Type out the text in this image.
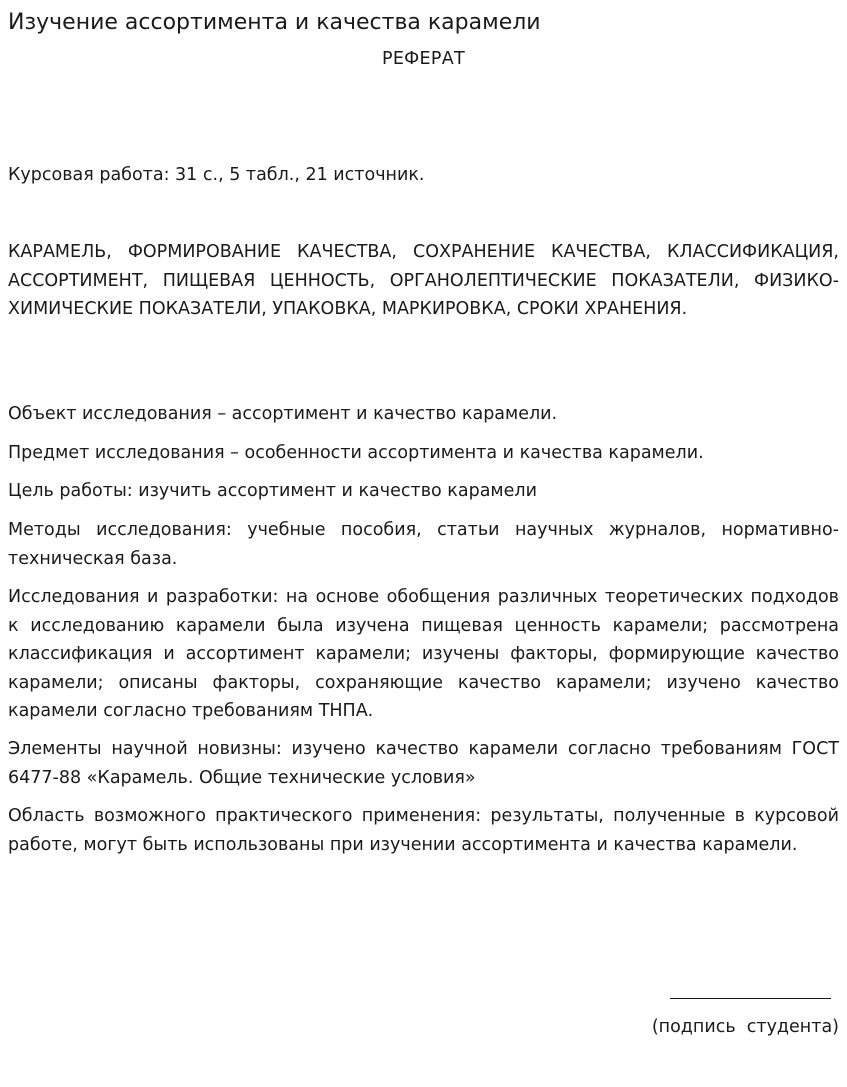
Изучение ассортимента и качества карамели
РЕФЕРАТ

Курсовая работа: 31 с., 5 табл., 21 источник.

КАРАМЕЛЬ, ФОРМИРОВАНИЕ КАЧЕСТВА, СОХРАНЕНИЕ КАЧЕСТВА, КЛАССИФИКАЦИЯ, АССОРТИМЕНТ, ПИЩЕВАЯ ЦЕННОСТЬ, ОРГАНОЛЕПТИЧЕСКИЕ ПОКАЗАТЕЛИ, ФИЗИКО-ХИМИЧЕСКИЕ ПОКАЗАТЕЛИ, УПАКОВКА, МАРКИРОВКА, СРОКИ ХРАНЕНИЯ.

Объект исследования – ассортимент и качество карамели.

Предмет исследования – особенности ассортимента и качества карамели.

Цель работы: изучить ассортимент и качество карамели

Методы исследования: учебные пособия, статьи научных журналов, нормативно-техническая база.

Исследования и разработки: на основе обобщения различных теоретических подходов к исследованию карамели была изучена пищевая ценность карамели; рассмотрена классификация и ассортимент карамели; изучены факторы, формирующие качество карамели; описаны факторы, сохраняющие качество карамели; изучено качество карамели согласно требованиям ТНПА.

Элементы научной новизны: изучено качество карамели согласно требованиям ГОСТ 6477-88 «Карамель. Общие технические условия»

Область возможного практического применения: результаты, полученные в курсовой работе, могут быть использованы при изучении ассортимента и качества карамели.

(подпись  студента)
